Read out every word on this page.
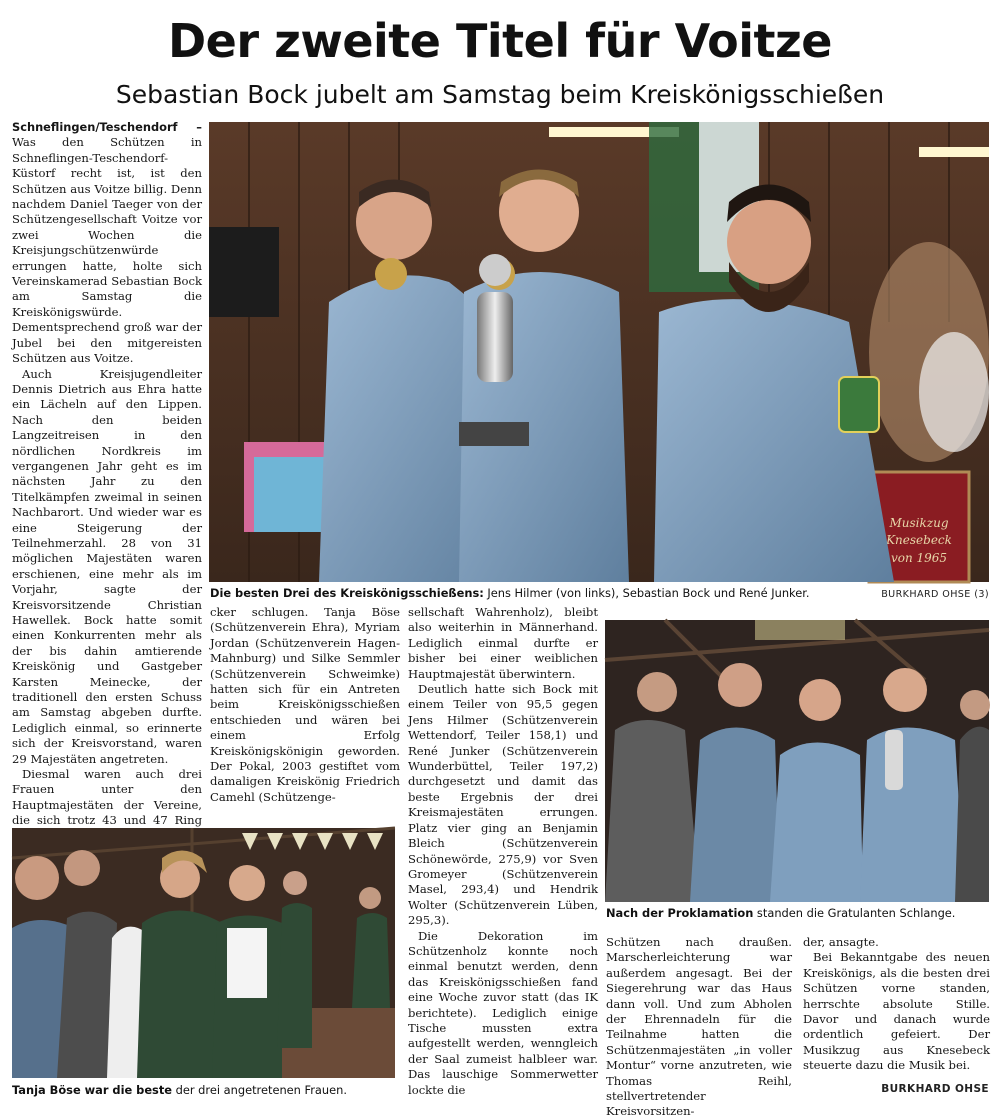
Der zweite Titel für Voitze
Sebastian Bock jubelt am Samstag beim Kreiskönigsschießen

Schneflingen/Teschendorf – Was den Schützen in Schneflingen-Teschendorf-Küstorf recht ist, ist den Schützen aus Voitze billig. Denn nachdem Daniel Taeger von der Schützengesellschaft Voitze vor zwei Wochen die Kreisjungschützenwürde errungen hatte, holte sich Vereinskamerad Sebastian Bock am Samstag die Kreiskönigswürde. Dementsprechend groß war der Jubel bei den mitgereisten Schützen aus Voitze.

Auch Kreisjugendleiter Dennis Dietrich aus Ehra hatte ein Lächeln auf den Lippen. Nach den beiden Langzeitreisen in den nördlichen Nordkreis im vergangenen Jahr geht es im nächsten Jahr zu den Titelkämpfen zweimal in seinen Nachbarort. Und wieder war es eine Steigerung der Teilnehmerzahl. 28 von 31 möglichen Majestäten waren erschienen, eine mehr als im Vorjahr, sagte der Kreisvorsitzende Christian Hawellek. Bock hatte somit einen Konkurrenten mehr als der bis dahin amtierende Kreiskönig und Gastgeber Karsten Meinecke, der traditionell den ersten Schuss am Samstag abgeben durfte. Lediglich einmal, so erinnerte sich der Kreisvorstand, waren 29 Majestäten angetreten.

Diesmal waren auch drei Frauen unter den Hauptmajestäten der Vereine, die sich trotz 43 und 47 Ring

Musikzug
Knesebeck
von 1965
Die besten Drei des Kreiskönigsschießens: Jens Hilmer (von links), Sebastian Bock und René Junker.	BURKHARD OHSE (3)

cker schlugen. Tanja Böse (Schützenverein Ehra), Myriam Jordan (Schützenverein Hagen-Mahnburg) und Silke Semmler (Schützenverein Schweimke) hatten sich für ein Antreten beim Kreiskönigsschießen entschieden und wären bei einem Erfolg Kreiskönigskönigin geworden. Der Pokal, 2003 gestiftet vom damaligen Kreiskönig Friedrich Camehl (Schützenge-

sellschaft Wahrenholz), bleibt also weiterhin in Männerhand. Lediglich einmal durfte er bisher bei einer weiblichen Hauptmajestät überwintern.

Deutlich hatte sich Bock mit einem Teiler von 95,5 gegen Jens Hilmer (Schützenverein Wettendorf, Teiler 158,1) und René Junker (Schützenverein Wunderbüttel, Teiler 197,2) durchgesetzt und damit das beste Ergebnis der drei Kreismajestäten errungen. Platz vier ging an Benjamin Bleich (Schützenverein Schönewörde, 275,9) vor Sven Gromeyer (Schützenverein Masel, 293,4) und Hendrik Wolter (Schützenverein Lüben, 295,3).

Die Dekoration im Schützenholz konnte noch einmal benutzt werden, denn das Kreiskönigsschießen fand eine Woche zuvor statt (das IK berichtete). Lediglich einige Tische mussten extra aufgestellt werden, wenngleich der Saal zumeist halbleer war. Das lauschige Sommerwetter lockte die

Nach der Proklamation standen die Gratulanten Schlange.

Schützen nach draußen. Marscherleichterung war außerdem angesagt. Bei der Siegerehrung war das Haus dann voll. Und zum Abholen der Ehrennadeln für die Teilnahme hatten die Schützenmajestäten „in voller Montur“ vorne anzutreten, wie Thomas Reihl, stellvertretender Kreisvorsitzen-

der, ansagte.

Bei Bekanntgabe des neuen Kreiskönigs, als die besten drei Schützen vorne standen, herrschte absolute Stille. Davor und danach wurde ordentlich gefeiert. Der Musikzug aus Knesebeck steuerte dazu die Musik bei.

BURKHARD OHSE
Tanja Böse war die beste der drei angetretenen Frauen.
